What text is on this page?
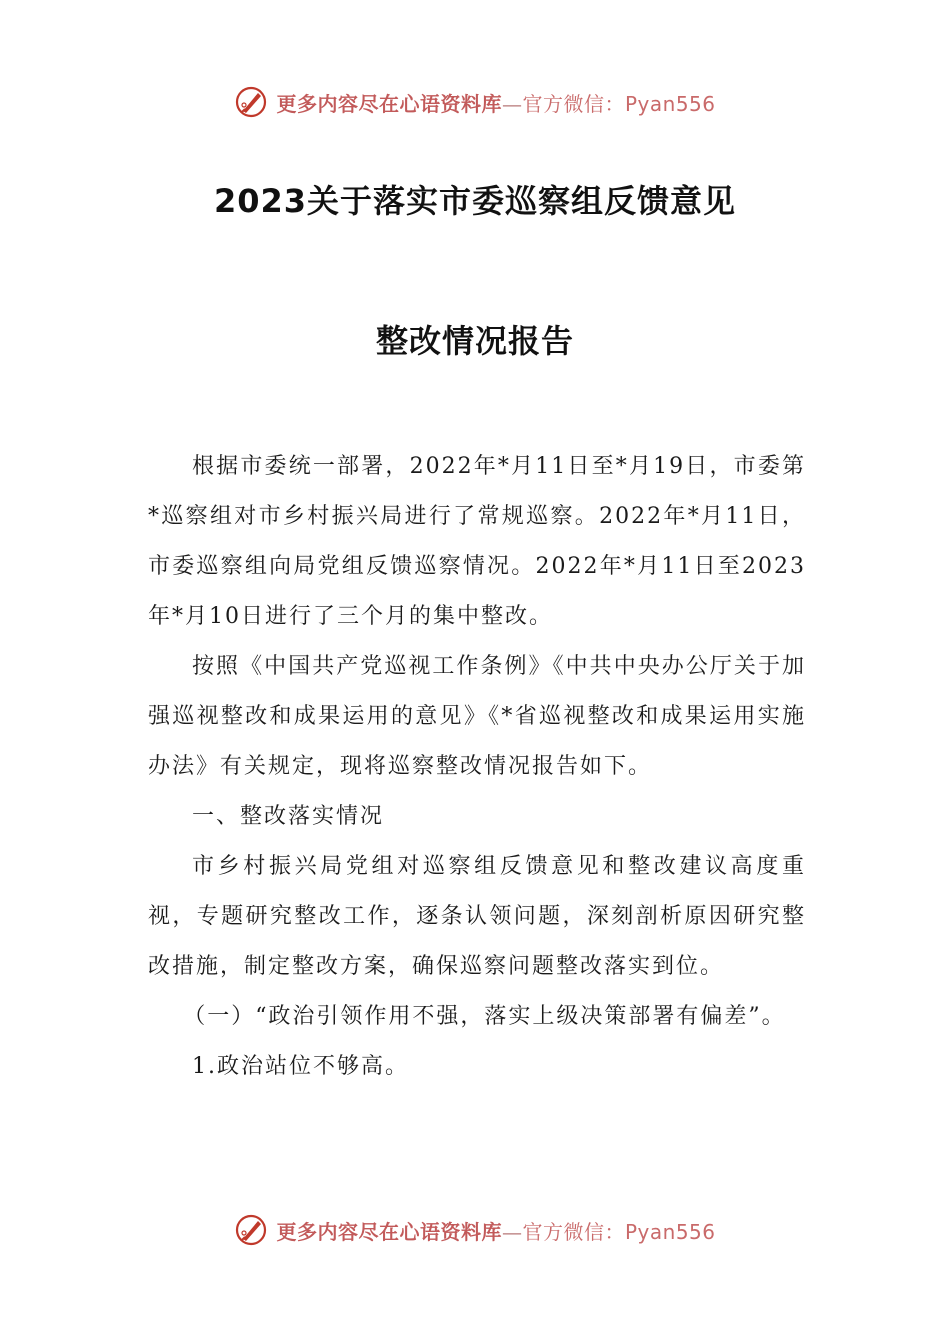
更多内容尽在心语资料库—官方微信：Pyan556
2023关于落实市委巡察组反馈意见
整改情况报告

根据市委统一部署，2022年*月11日至*月19日，市委第*巡察组对市乡村振兴局进行了常规巡察。2022年*月11日，市委巡察组向局党组反馈巡察情况。2022年*月11日至2023年*月10日进行了三个月的集中整改。

按照《中国共产党巡视工作条例》《中共中央办公厅关于加强巡视整改和成果运用的意见》《*省巡视整改和成果运用实施办法》有关规定，现将巡察整改情况报告如下。

一、整改落实情况

市乡村振兴局党组对巡察组反馈意见和整改建议高度重视，专题研究整改工作，逐条认领问题，深刻剖析原因研究整改措施，制定整改方案，确保巡察问题整改落实到位。

（一）“政治引领作用不强，落实上级决策部署有偏差”。

1.政治站位不够高。

更多内容尽在心语资料库—官方微信：Pyan556
